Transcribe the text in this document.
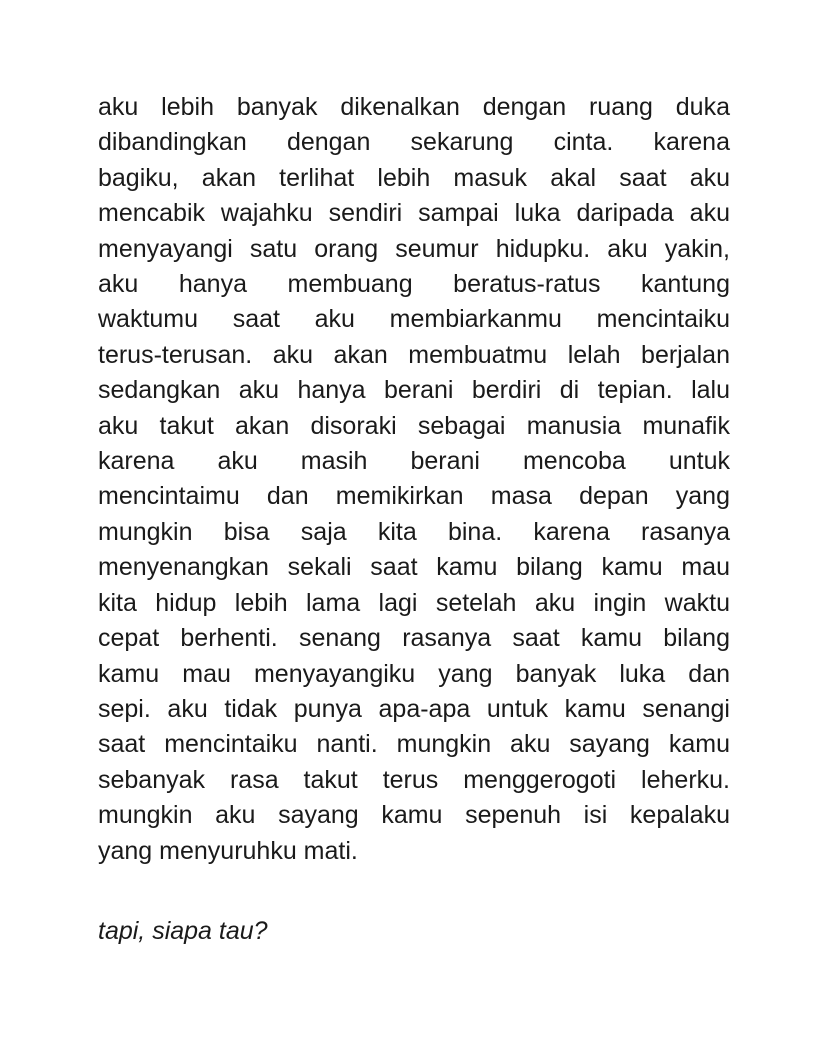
aku lebih banyak dikenalkan dengan ruang duka
dibandingkan dengan sekarung cinta. karena
bagiku, akan terlihat lebih masuk akal saat aku
mencabik wajahku sendiri sampai luka daripada aku
menyayangi satu orang seumur hidupku. aku yakin,
aku hanya membuang beratus-ratus kantung
waktumu saat aku membiarkanmu mencintaiku
terus-terusan. aku akan membuatmu lelah berjalan
sedangkan aku hanya berani berdiri di tepian. lalu
aku takut akan disoraki sebagai manusia munafik
karena aku masih berani mencoba untuk
mencintaimu dan memikirkan masa depan yang
mungkin bisa saja kita bina. karena rasanya
menyenangkan sekali saat kamu bilang kamu mau
kita hidup lebih lama lagi setelah aku ingin waktu
cepat berhenti. senang rasanya saat kamu bilang
kamu mau menyayangiku yang banyak luka dan
sepi. aku tidak punya apa-apa untuk kamu senangi
saat mencintaiku nanti. mungkin aku sayang kamu
sebanyak rasa takut terus menggerogoti leherku.
mungkin aku sayang kamu sepenuh isi kepalaku
yang menyuruhku mati.
tapi, siapa tau?
